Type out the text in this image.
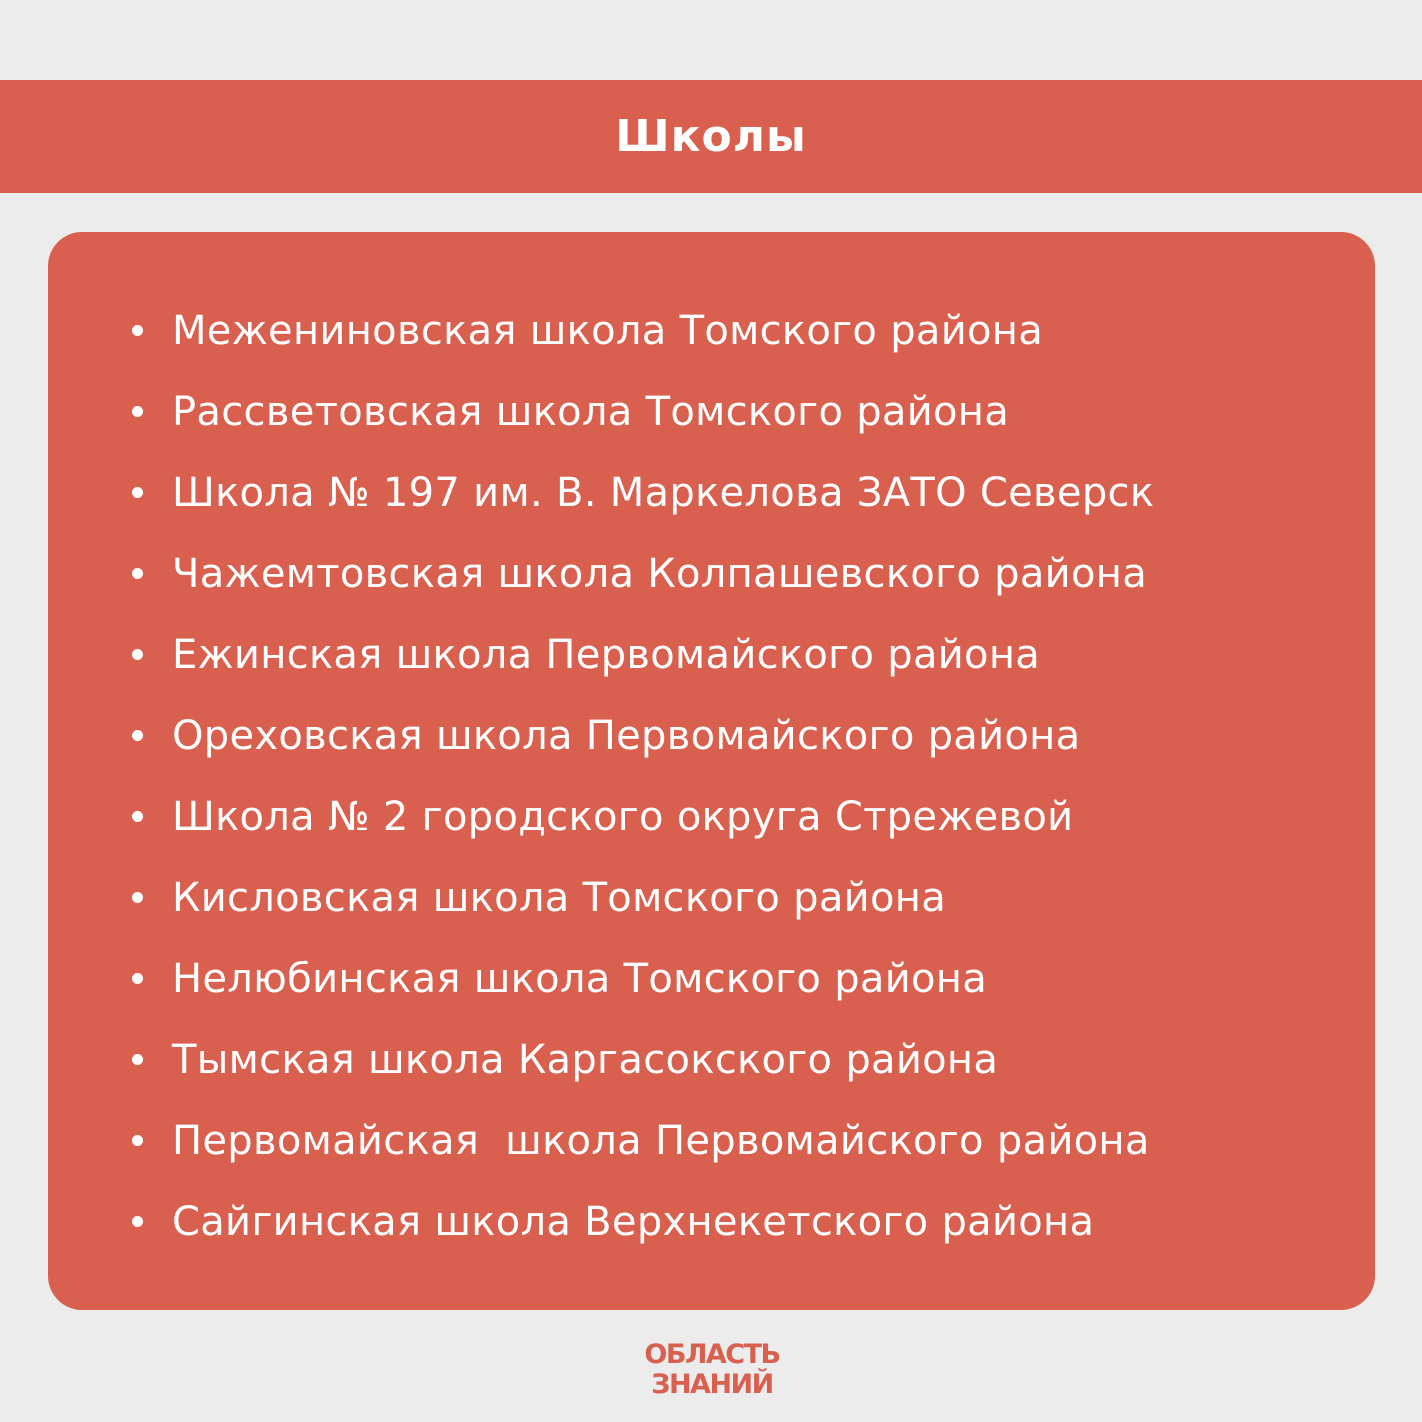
Школы
Межениновская школа Томского района
Рассветовская школа Томского района
Школа № 197 им. В. Маркелова ЗАТО Северск
Чажемтовская школа Колпашевского района
Ежинская школа Первомайского района
Ореховская школа Первомайского района
Школа № 2 городского округа Стрежевой
Кисловская школа Томского района
Нелюбинская школа Томского района
Тымская школа Каргасокского района
Первомайская  школа Первомайского района
Сайгинская школа Верхнекетского района
ОБЛАСТЬ
ЗНАНИЙ
